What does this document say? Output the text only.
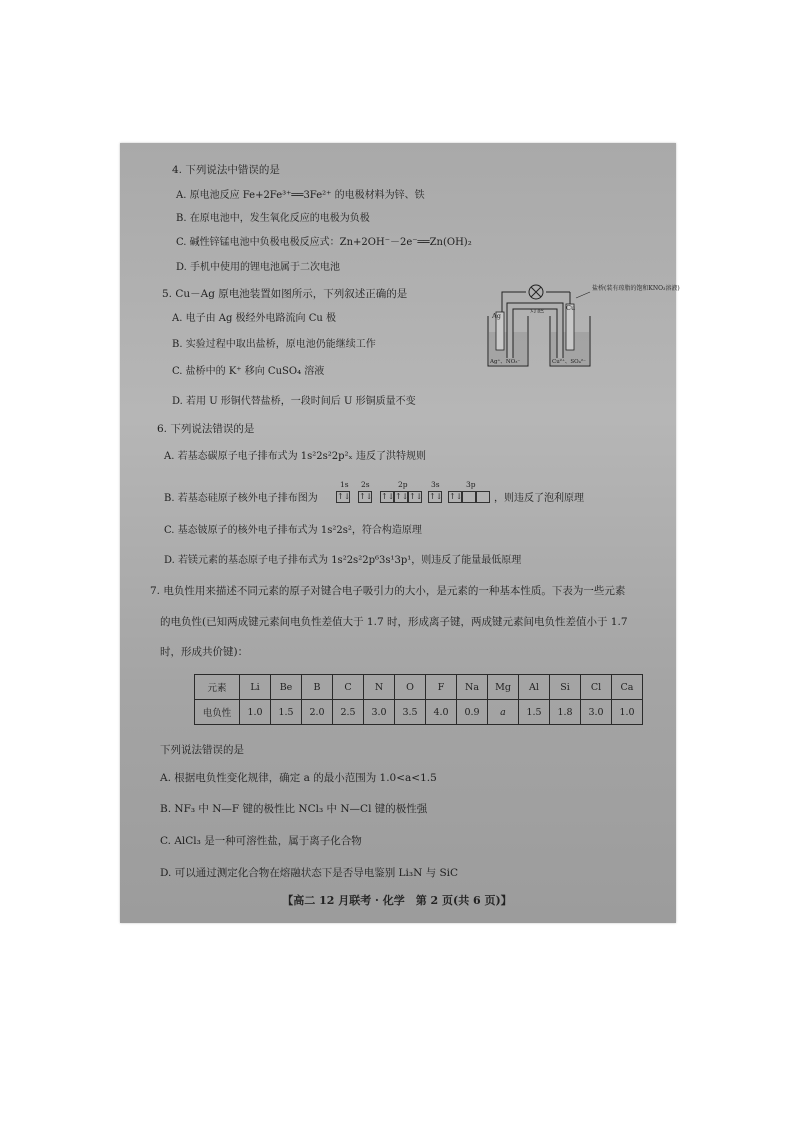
4. 下列说法中错误的是
A. 原电池反应 Fe+2Fe³⁺══3Fe²⁺ 的电极材料为锌、铁
B. 在原电池中，发生氧化反应的电极为负极
C. 碱性锌锰电池中负极电极反应式：Zn+2OH⁻－2e⁻══Zn(OH)₂
D. 手机中使用的锂电池属于二次电池
5. Cu－Ag 原电池装置如图所示，下列叙述正确的是
A. 电子由 Ag 极经外电路流向 Cu 极
B. 实验过程中取出盐桥，原电池仍能继续工作
C. 盐桥中的 K⁺ 移向 CuSO₄ 溶液
D. 若用 U 形铜代替盐桥，一段时间后 U 形铜质量不变
灯泡
Ag
Cu
Ag⁺、NO₃⁻	Cu²⁺、SO₄²⁻
盐桥(装有琼脂的饱和KNO₃溶液)
6. 下列说法错误的是
A. 若基态碳原子电子排布式为 1s²2s²2p²ₓ 违反了洪特规则
B. 若基态硅原子核外电子排布图为 ↑↓
1s
↑↓
2s
↑↓ ↑↓ ↑↓
2p
↑↓
3s
↑↓
3p
，则违反了泡利原理
C. 基态铍原子的核外电子排布式为 1s²2s²，符合构造原理
D. 若镁元素的基态原子电子排布式为 1s²2s²2p⁶3s¹3p¹，则违反了能量最低原理
7. 电负性用来描述不同元素的原子对键合电子吸引力的大小，是元素的一种基本性质。下表为一些元素
的电负性(已知两成键元素间电负性差值大于 1.7 时，形成离子键，两成键元素间电负性差值小于 1.7
时，形成共价键)：
元素	Li	Be	B	C	N	O	F	Na	Mg	Al	Si	Cl	Ca
电负性	1.0	1.5	2.0	2.5	3.0	3.5	4.0	0.9	a	1.5	1.8	3.0	1.0
下列说法错误的是
A. 根据电负性变化规律，确定 a 的最小范围为 1.0<a<1.5
B. NF₃ 中 N—F 键的极性比 NCl₃ 中 N—Cl 键的极性强
C. AlCl₃ 是一种可溶性盐，属于离子化合物
D. 可以通过测定化合物在熔融状态下是否导电鉴别 Li₃N 与 SiC
【高二 12 月联考 · 化学　第 2 页(共 6 页)】
